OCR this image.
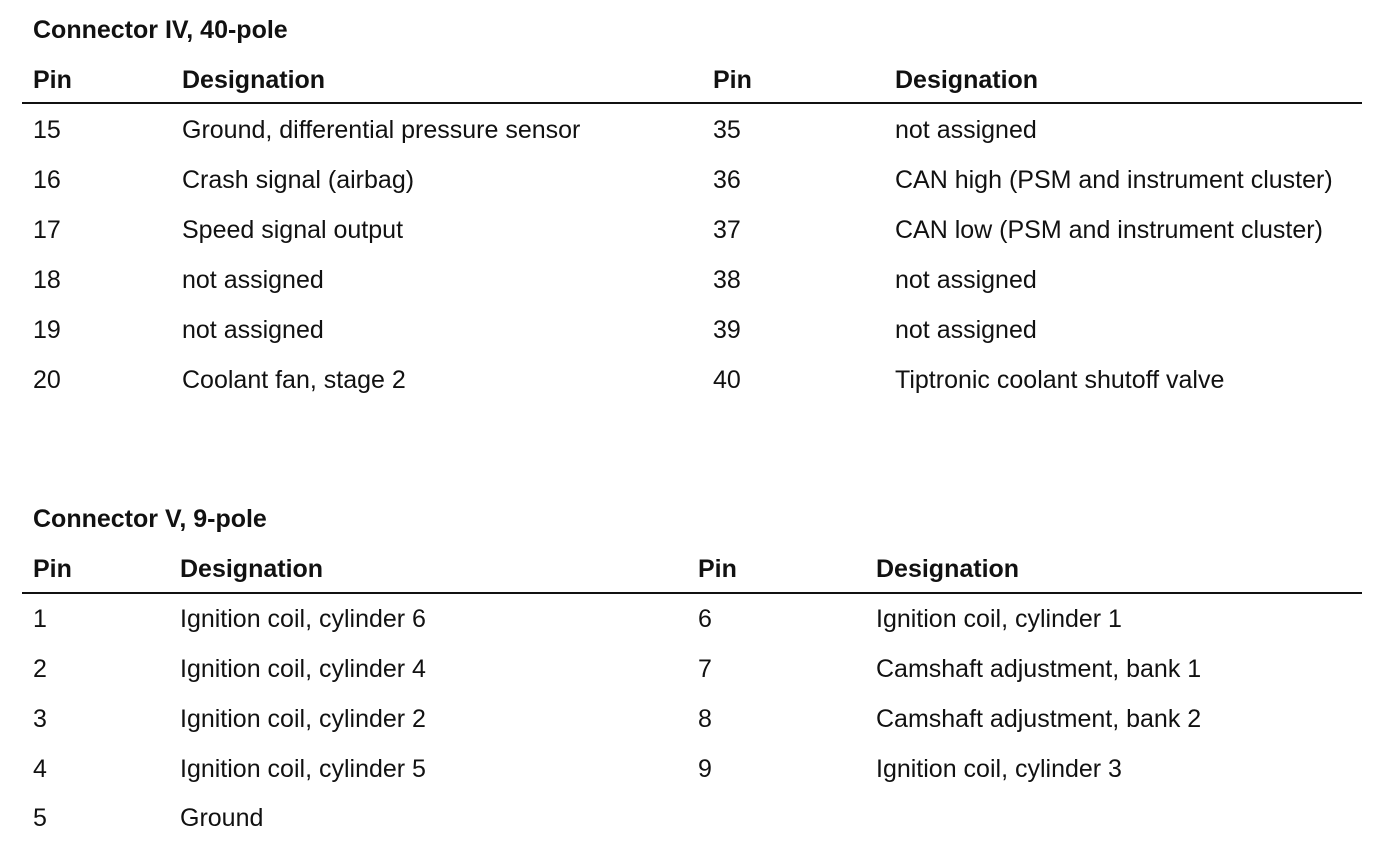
Connector IV, 40-pole
Pin	Designation	Pin	Designation
15	Ground, differential pressure sensor	35	not assigned
16	Crash signal (airbag)	36	CAN high (PSM and instrument cluster)
17	Speed signal output	37	CAN low (PSM and instrument cluster)
18	not assigned	38	not assigned
19	not assigned	39	not assigned
20	Coolant fan, stage 2	40	Tiptronic coolant shutoff valve
Connector V, 9-pole
Pin	Designation	Pin	Designation
1	Ignition coil, cylinder 6	6	Ignition coil, cylinder 1
2	Ignition coil, cylinder 4	7	Camshaft adjustment, bank 1
3	Ignition coil, cylinder 2	8	Camshaft adjustment, bank 2
4	Ignition coil, cylinder 5	9	Ignition coil, cylinder 3
5	Ground
